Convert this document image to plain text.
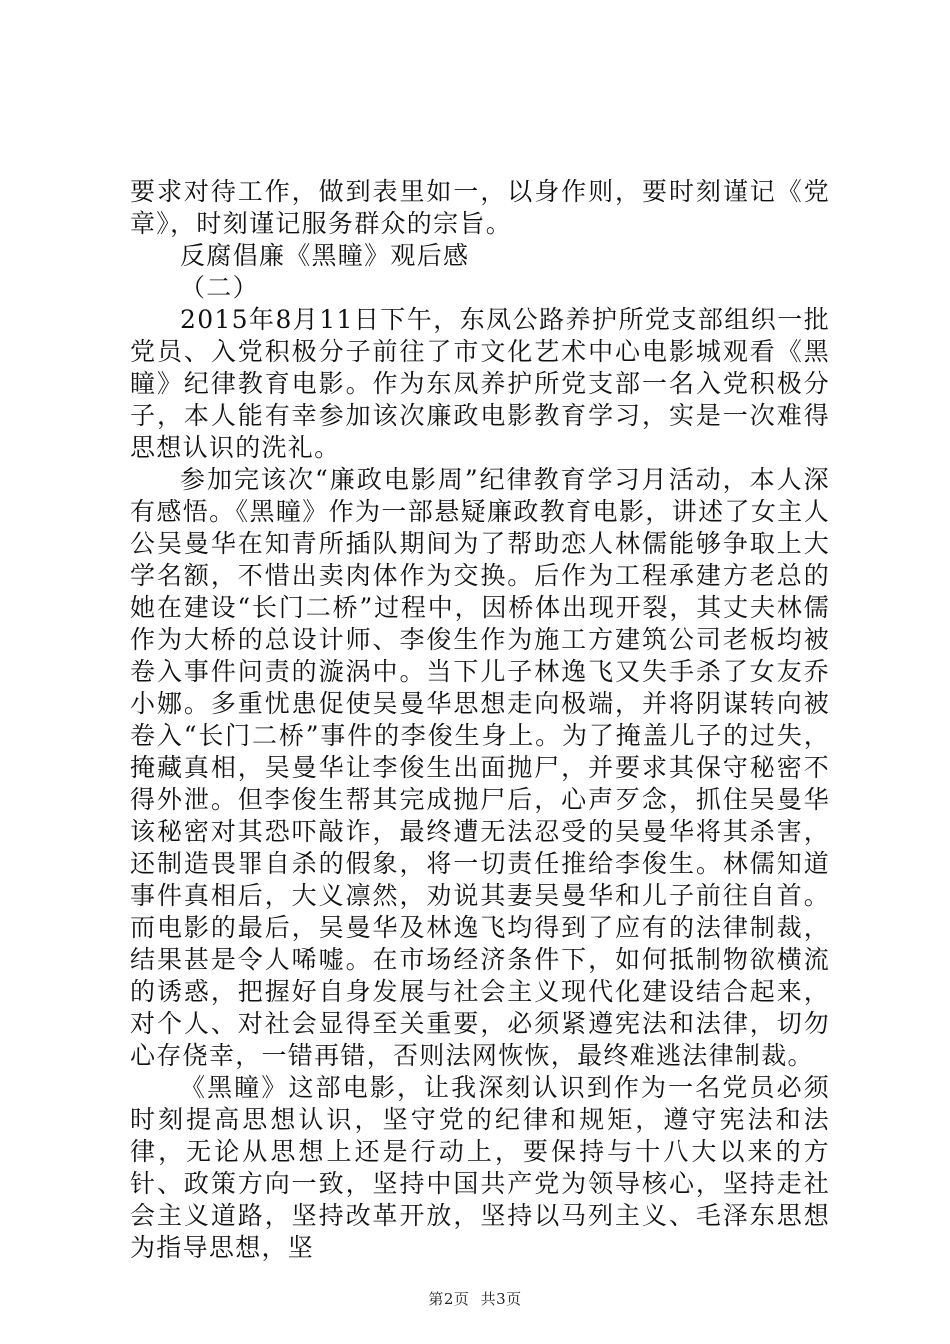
要求对待工作，做到表里如一，以身作则，要时刻谨记《党章》，时刻谨记服务群众的宗旨。

反腐倡廉《黑瞳》观后感

（二）

2015年8月11日下午，东凤公路养护所党支部组织一批党员、入党积极分子前往了市文化艺术中心电影城观看《黑瞳》纪律教育电影。作为东凤养护所党支部一名入党积极分子，本人能有幸参加该次廉政电影教育学习，实是一次难得思想认识的洗礼。

参加完该次“廉政电影周”纪律教育学习月活动，本人深有感悟。《黑瞳》作为一部悬疑廉政教育电影，讲述了女主人公吴曼华在知青所插队期间为了帮助恋人林儒能够争取上大学名额，不惜出卖肉体作为交换。后作为工程承建方老总的她在建设“长门二桥”过程中，因桥体出现开裂，其丈夫林儒作为大桥的总设计师、李俊生作为施工方建筑公司老板均被卷入事件问责的漩涡中。当下儿子林逸飞又失手杀了女友乔小娜。多重忧患促使吴曼华思想走向极端，并将阴谋转向被卷入“长门二桥”事件的李俊生身上。为了掩盖儿子的过失，掩藏真相，吴曼华让李俊生出面抛尸，并要求其保守秘密不得外泄。但李俊生帮其完成抛尸后，心声歹念，抓住吴曼华该秘密对其恐吓敲诈，最终遭无法忍受的吴曼华将其杀害，还制造畏罪自杀的假象，将一切责任推给李俊生。林儒知道事件真相后，大义凛然，劝说其妻吴曼华和儿子前往自首。而电影的最后，吴曼华及林逸飞均得到了应有的法律制裁，结果甚是令人唏嘘。在市场经济条件下，如何抵制物欲横流的诱惑，把握好自身发展与社会主义现代化建设结合起来，对个人、对社会显得至关重要，必须紧遵宪法和法律，切勿心存侥幸，一错再错，否则法网恢恢，最终难逃法律制裁。

《黑瞳》这部电影，让我深刻认识到作为一名党员必须时刻提高思想认识，坚守党的纪律和规矩，遵守宪法和法律，无论从思想上还是行动上，要保持与十八大以来的方针、政策方向一致，坚持中国共产党为领导核心，坚持走社会主义道路，坚持改革开放，坚持以马列主义、毛泽东思想为指导思想，坚

第2页 共3页
